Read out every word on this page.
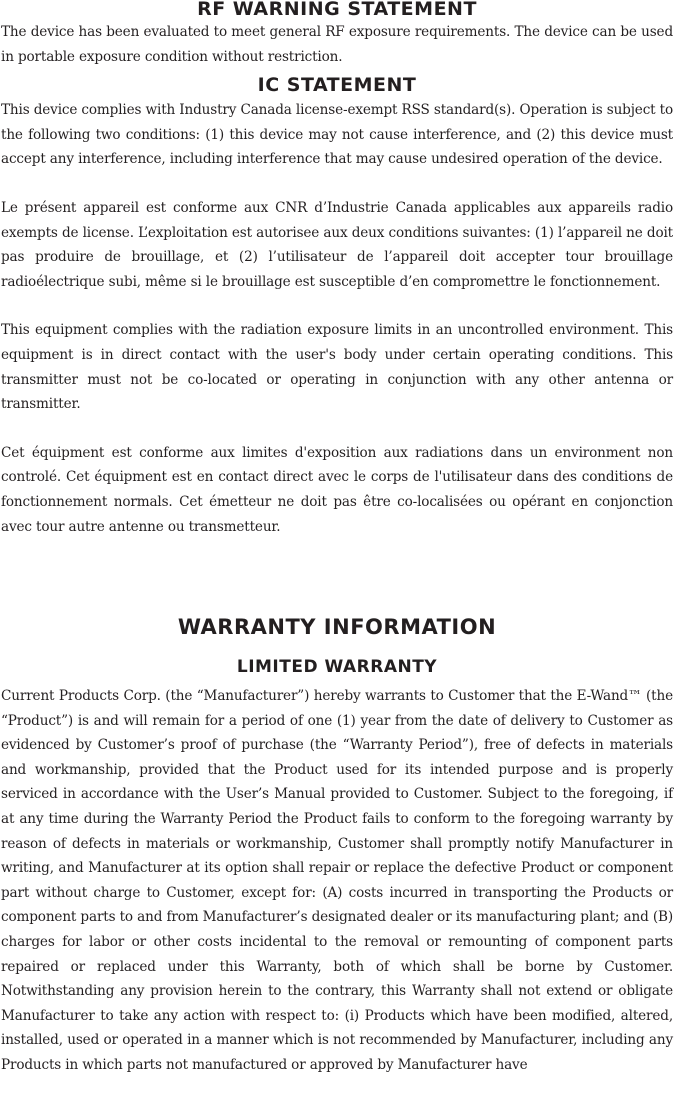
RF WARNING STATEMENT

The device has been evaluated to meet general RF exposure requirements. The device can be used in portable exposure condition without restriction.

IC STATEMENT

This device complies with Industry Canada license-exempt RSS standard(s). Operation is subject to the following two conditions: (1) this device may not cause interference, and (2) this device must accept any interference, including interference that may cause undesired operation of the device.

Le présent appareil est conforme aux CNR d’Industrie Canada applicables aux appareils radio exempts de license. L’exploitation est autorisee aux deux conditions suivantes: (1) l’appareil ne doit pas produire de brouillage, et (2) l’utilisateur de l’appareil doit accepter tour brouillage radioélectrique subi, même si le brouillage est susceptible d’en compromettre le fonctionnement.

This equipment complies with the radiation exposure limits in an uncontrolled environment. This equipment is in direct contact with the user's body under certain operating conditions. This transmitter must not be co-located or operating in conjunction with any other antenna or transmitter.

Cet équipment est conforme aux limites d'exposition aux radiations dans un environment non controlé. Cet équipment est en contact direct avec le corps de l'utilisateur dans des conditions de fonctionnement normals. Cet émetteur ne doit pas être co-localisées ou opérant en conjonction avec tour autre antenne ou transmetteur.

WARRANTY INFORMATION
LIMITED WARRANTY

Current Products Corp. (the “Manufacturer”) hereby warrants to Customer that the E-Wand™ (the “Product”) is and will remain for a period of one (1) year from the date of delivery to Customer as evidenced by Customer’s proof of purchase (the “Warranty Period”), free of defects in materials and workmanship, provided that the Product used for its intended purpose and is properly serviced in accordance with the User’s Manual provided to Customer. Subject to the foregoing, if at any time during the Warranty Period the Product fails to conform to the foregoing warranty by reason of defects in materials or workmanship, Customer shall promptly notify Manufacturer in writing, and Manufacturer at its option shall repair or replace the defective Product or component part without charge to Customer, except for: (A) costs incurred in transporting the Products or component parts to and from Manufacturer’s designated dealer or its manufacturing plant; and (B) charges for labor or other costs incidental to the removal or remounting of component parts repaired or replaced under this Warranty, both of which shall be borne by Customer. Notwithstanding any provision herein to the contrary, this Warranty shall not extend or obligate Manufacturer to take any action with respect to: (i) Products which have been modified, altered, installed, used or operated in a manner which is not recommended by Manufacturer, including any Products in which parts not manufactured or approved by Manufacturer have
